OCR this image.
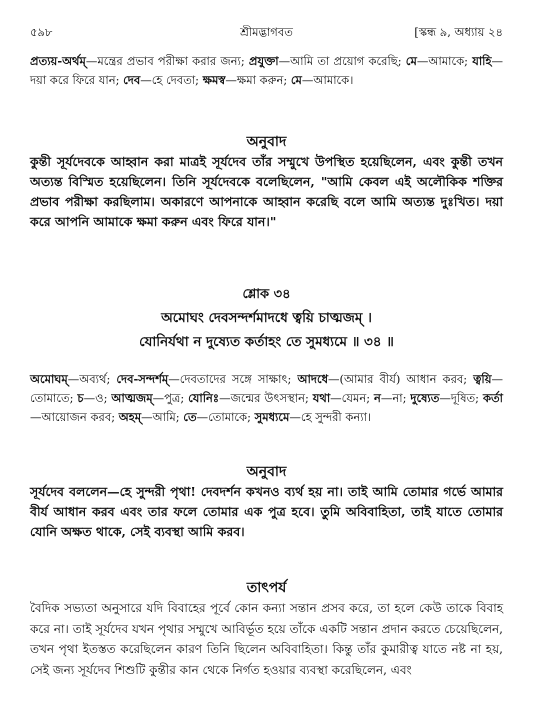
৫৯৮	শ্রীমদ্ভাগবত	[স্কন্ধ ৯, অধ্যায় ২৪

প্রত্যয়-অর্থম্—মন্ত্রের প্রভাব পরীক্ষা করার জন্য; প্রযুক্তা—আমি তা প্রয়োগ করেছি; মে—আমাকে; যাহি—দয়া করে ফিরে যান; দেব—হে দেবতা; ক্ষমস্ব—ক্ষমা করুন; মে—আমাকে।

অনুবাদ

কুন্তী সূর্যদেবকে আহ্বান করা মাত্রই সূর্যদেব তাঁর সম্মুখে উপস্থিত হয়েছিলেন, এবং কুন্তী তখন অত্যন্ত বিস্মিত হয়েছিলেন। তিনি সূর্যদেবকে বলেছিলেন, "আমি কেবল এই অলৌকিক শক্তির প্রভাব পরীক্ষা করছিলাম। অকারণে আপনাকে আহ্বান করেছি বলে আমি অত্যন্ত দুঃখিত। দয়া করে আপনি আমাকে ক্ষমা করুন এবং ফিরে যান।"

শ্লোক ৩৪
অমোঘং দেবসন্দর্শমাদধে ত্বয়ি চাত্মজম্ ।
যোনির্যথা ন দুষ্যেত কর্তাহং তে সুমধ্যমে ॥ ৩৪ ॥

অমোঘম্—অব্যর্থ; দেব-সন্দর্শম্—দেবতাদের সঙ্গে সাক্ষাৎ; আদধে—(আমার বীর্য) আধান করব; ত্বয়ি—তোমাতে; চ—ও; আত্মজম্—পুত্র; যোনিঃ—জন্মের উৎসস্থান; যথা—যেমন; ন—না; দুষ্যেত—দূষিত; কর্তা—আয়োজন করব; অহম্—আমি; তে—তোমাকে; সুমধ্যমে—হে সুন্দরী কন্যা।

অনুবাদ

সূর্যদেব বললেন—হে সুন্দরী পৃথা! দেবদর্শন কখনও ব্যর্থ হয় না। তাই আমি তোমার গর্ভে আমার বীর্য আধান করব এবং তার ফলে তোমার এক পুত্র হবে। তুমি অবিবাহিতা, তাই যাতে তোমার যোনি অক্ষত থাকে, সেই ব্যবস্থা আমি করব।

তাৎপর্য

বৈদিক সভ্যতা অনুসারে যদি বিবাহের পূর্বে কোন কন্যা সন্তান প্রসব করে, তা হলে কেউ তাকে বিবাহ করে না। তাই সূর্যদেব যখন পৃথার সম্মুখে আবির্ভূত হয়ে তাঁকে একটি সন্তান প্রদান করতে চেয়েছিলেন, তখন পৃথা ইতস্তত করেছিলেন কারণ তিনি ছিলেন অবিবাহিতা। কিন্তু তাঁর কুমারীত্ব যাতে নষ্ট না হয়, সেই জন্য সূর্যদেব শিশুটি কুন্তীর কান থেকে নির্গত হওয়ার ব্যবস্থা করেছিলেন, এবং
